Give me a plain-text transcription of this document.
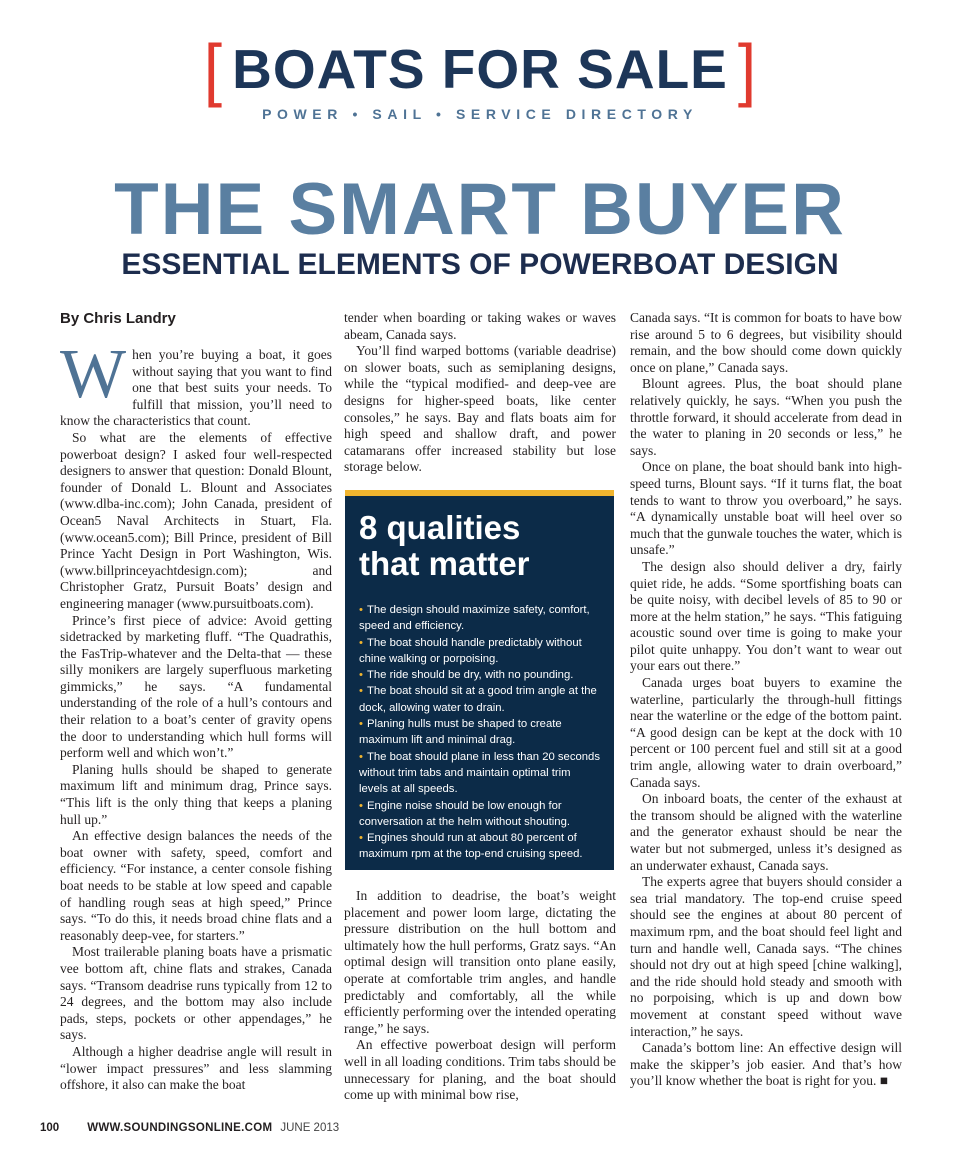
[ BOATS FOR SALE ]
POWER • SAIL • SERVICE DIRECTORY
THE SMART BUYER
ESSENTIAL ELEMENTS OF POWERBOAT DESIGN
By Chris Landry

When you’re buying a boat, it goes without saying that you want to find one that best suits your needs. To fulfill that mission, you’ll need to know the characteristics that count.

So what are the elements of effective powerboat design? I asked four well-respected designers to answer that question: Donald Blount, founder of Donald L. Blount and Associates (www.dlba-inc.com); John Canada, president of Ocean5 Naval Architects in Stuart, Fla. (www.ocean5.com); Bill Prince, president of Bill Prince Yacht Design in Port Washington, Wis. (www.billprinceyachtdesign.com); and Christopher Gratz, Pursuit Boats’ design and engineering manager (www.pursuitboats.com).

Prince’s first piece of advice: Avoid getting sidetracked by marketing fluff. “The Quadrathis, the FasTrip-whatever and the Delta-that — these silly monikers are largely superfluous marketing gimmicks,” he says. “A fundamental understanding of the role of a hull’s contours and their relation to a boat’s center of gravity opens the door to understanding which hull forms will perform well and which won’t.”

Planing hulls should be shaped to generate maximum lift and minimum drag, Prince says. “This lift is the only thing that keeps a planing hull up.”

An effective design balances the needs of the boat owner with safety, speed, comfort and efficiency. “For instance, a center console fishing boat needs to be stable at low speed and capable of handling rough seas at high speed,” Prince says. “To do this, it needs broad chine flats and a reasonably deep-vee, for starters.”

Most trailerable planing boats have a prismatic vee bottom aft, chine flats and strakes, Canada says. “Transom deadrise runs typically from 12 to 24 degrees, and the bottom may also include pads, steps, pockets or other appendages,” he says.

Although a higher deadrise angle will result in “lower impact pressures” and less slamming offshore, it also can make the boat

tender when boarding or taking wakes or waves abeam, Canada says.

You’ll find warped bottoms (variable deadrise) on slower boats, such as semiplaning designs, while the “typical modified- and deep-vee are designs for higher-speed boats, like center consoles,” he says. Bay and flats boats aim for high speed and shallow draft, and power catamarans offer increased stability but lose storage below.

8 qualities
that matter
• The design should maximize safety, comfort, speed and efficiency.
• The boat should handle predictably without chine walking or porpoising.
• The ride should be dry, with no pounding.
• The boat should sit at a good trim angle at the dock, allowing water to drain.
• Planing hulls must be shaped to create maximum lift and minimal drag.
• The boat should plane in less than 20 seconds without trim tabs and maintain optimal trim levels at all speeds.
• Engine noise should be low enough for conversation at the helm without shouting.
• Engines should run at about 80 percent of maximum rpm at the top-end cruising speed.

In addition to deadrise, the boat’s weight placement and power loom large, dictating the pressure distribution on the hull bottom and ultimately how the hull performs, Gratz says. “An optimal design will transition onto plane easily, operate at comfortable trim angles, and handle predictably and comfortably, all the while efficiently performing over the intended operating range,” he says.

An effective powerboat design will perform well in all loading conditions. Trim tabs should be unnecessary for planing, and the boat should come up with minimal bow rise,

Canada says. “It is common for boats to have bow rise around 5 to 6 degrees, but visibility should remain, and the bow should come down quickly once on plane,” Canada says.

Blount agrees. Plus, the boat should plane relatively quickly, he says. “When you push the throttle forward, it should accelerate from dead in the water to planing in 20 seconds or less,” he says.

Once on plane, the boat should bank into high-speed turns, Blount says. “If it turns flat, the boat tends to want to throw you overboard,” he says. “A dynamically unstable boat will heel over so much that the gunwale touches the water, which is unsafe.”

The design also should deliver a dry, fairly quiet ride, he adds. “Some sportfishing boats can be quite noisy, with decibel levels of 85 to 90 or more at the helm station,” he says. “This fatiguing acoustic sound over time is going to make your pilot quite unhappy. You don’t want to wear out your ears out there.”

Canada urges boat buyers to examine the waterline, particularly the through-hull fittings near the waterline or the edge of the bottom paint. “A good design can be kept at the dock with 10 percent or 100 percent fuel and still sit at a good trim angle, allowing water to drain overboard,” Canada says.

On inboard boats, the center of the exhaust at the transom should be aligned with the waterline and the generator exhaust should be near the water but not submerged, unless it’s designed as an underwater exhaust, Canada says.

The experts agree that buyers should consider a sea trial mandatory. The top-end cruise speed should see the engines at about 80 percent of maximum rpm, and the boat should feel light and turn and handle well, Canada says. “The chines should not dry out at high speed [chine walking], and the ride should hold steady and smooth with no porpoising, which is up and down bow movement at constant speed without wave interaction,” he says.

Canada’s bottom line: An effective design will make the skipper’s job easier. And that’s how you’ll know whether the boat is right for you. ■

100 WWW.SOUNDINGSONLINE.COM JUNE 2013
